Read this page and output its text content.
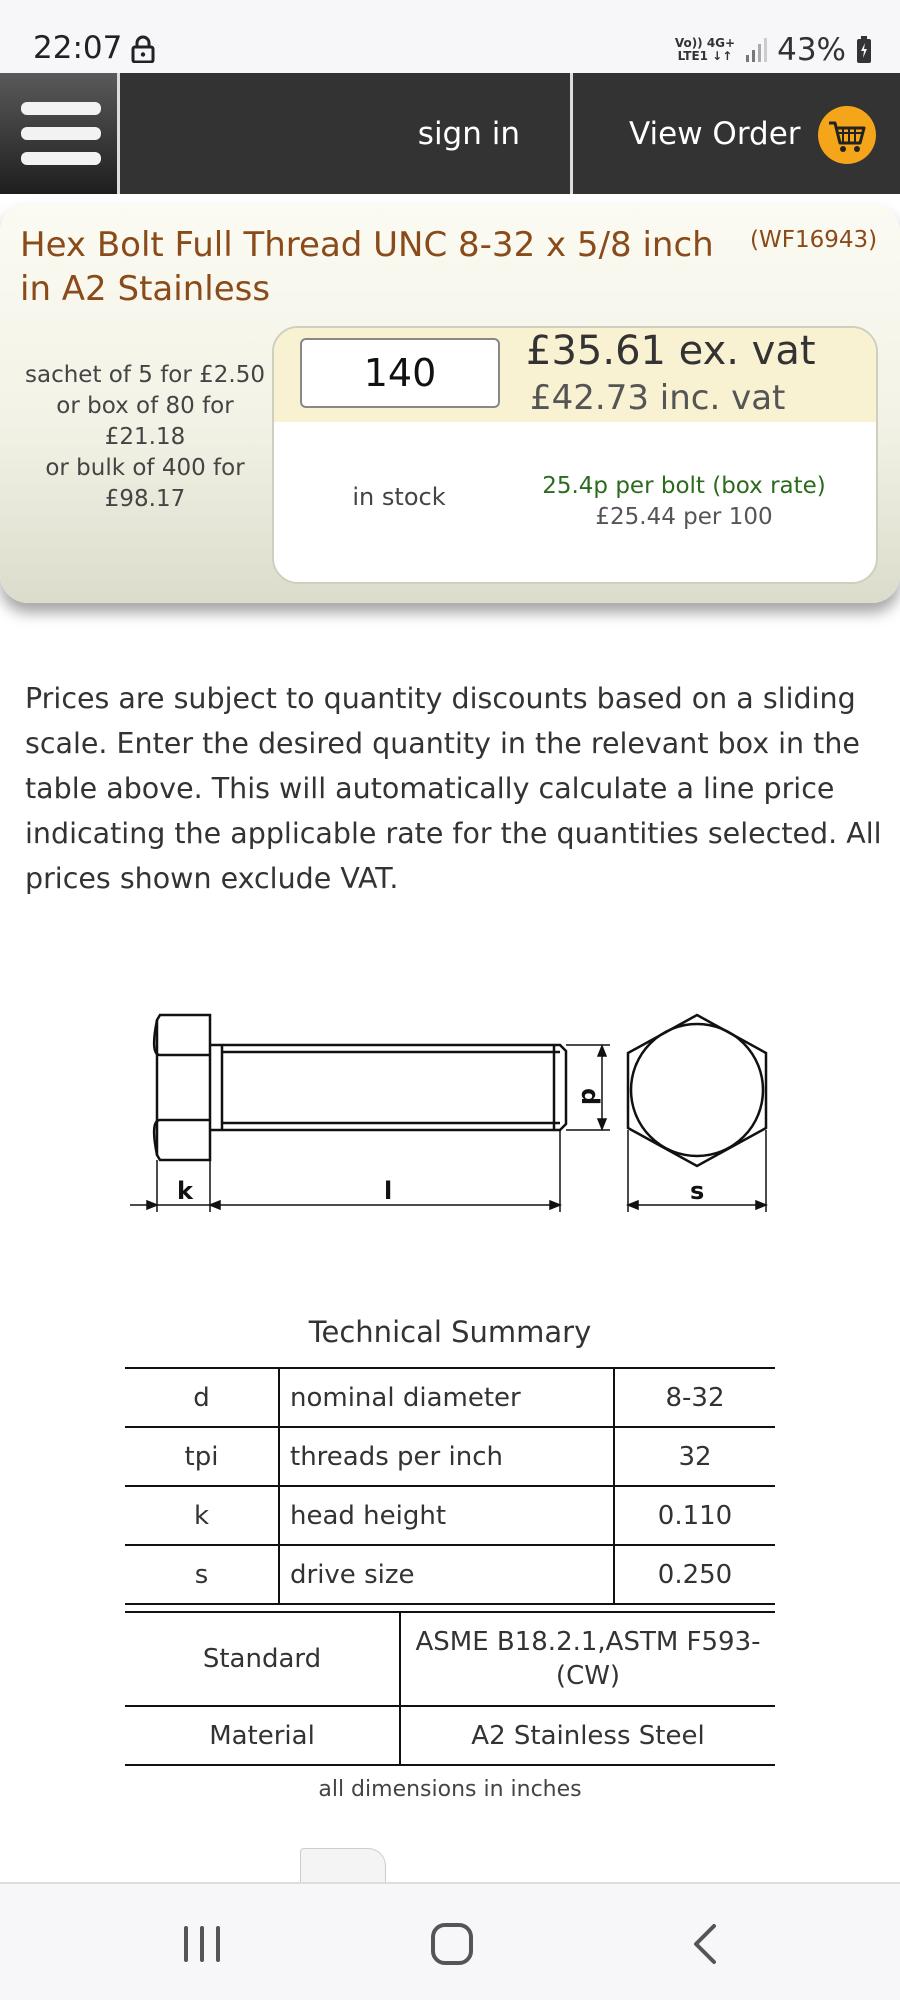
22:07	Vo)) 4G+
LTE1 ↓↑ 43%
sign in	View Order
Hex Bolt Full Thread UNC 8-32 x 5/8 inch in A2 Stainless
(WF16943)
sachet of 5 for £2.50
or box of 80 for £21.18
or bulk of 400 for £98.17
140	£35.61 ex. vat
£42.73 inc. vat
in stock	25.4p per bolt (box rate)
£25.44 per 100
Prices are subject to quantity discounts based on a sliding scale. Enter the desired quantity in the relevant box in the table above. This will automatically calculate a line price indicating the applicable rate for the quantities selected. All prices shown exclude VAT.
d
k	l	s
Technical Summary
d	nominal diameter	8-32
tpi	threads per inch	32
k	head height	0.110
s	drive size	0.250
Standard	ASME B18.2.1,ASTM F593-(CW)
Material	A2 Stainless Steel
all dimensions in inches
